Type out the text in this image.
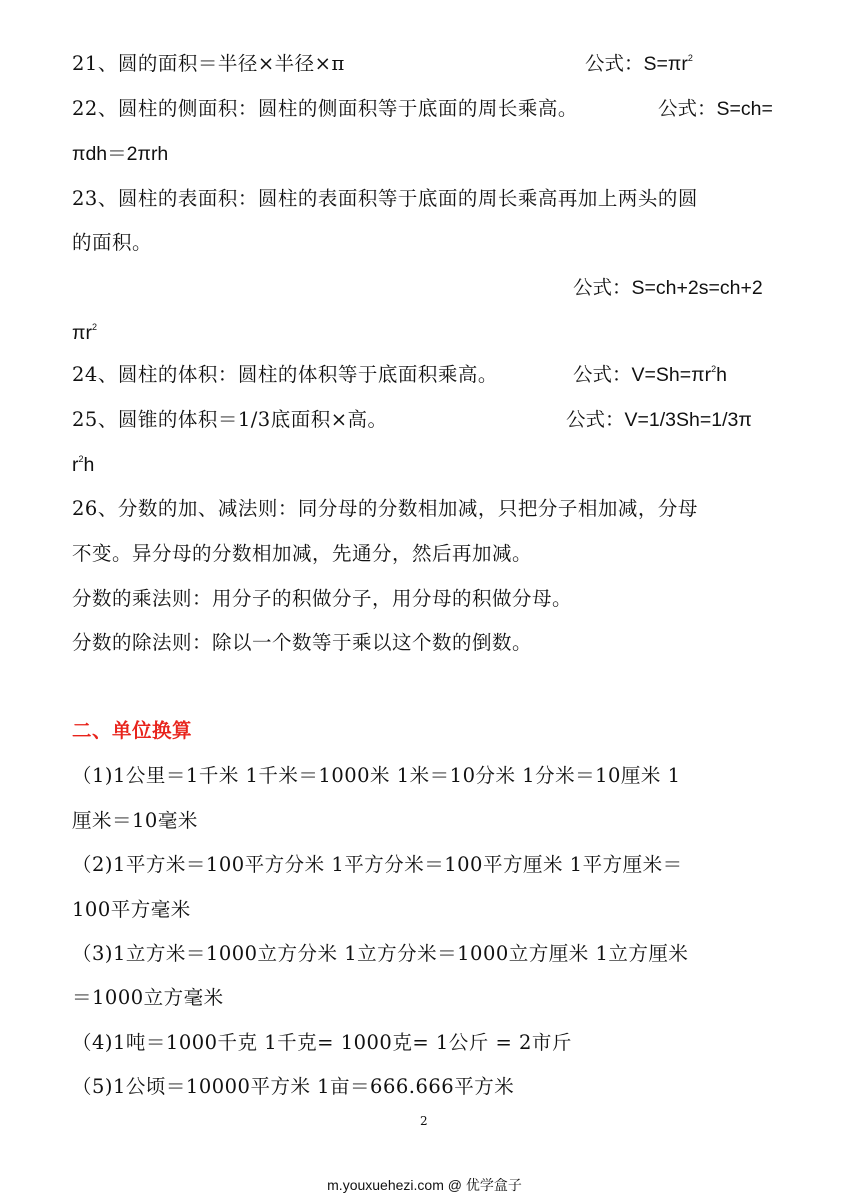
21、圆的面积＝半径×半径×π	公式：$S=\pi r^2$
22、圆柱的侧面积：圆柱的侧面积等于底面的周长乘高。	公式：S=ch=
πdh＝2πrh
23、圆柱的表面积：圆柱的表面积等于底面的周长乘高再加上两头的圆
的面积。
公式：S=ch+2s=ch+2
$\pi r^2$
24、圆柱的体积：圆柱的体积等于底面积乘高。	公式：$V=Sh=\pi r^2h$
25、圆锥的体积＝1/3底面积×高。	公式：V=1/3Sh=1/3π
$r^2h$
26、分数的加、减法则：同分母的分数相加减，只把分子相加减，分母
不变。异分母的分数相加减，先通分，然后再加减。
分数的乘法则：用分子的积做分子，用分母的积做分母。
分数的除法则：除以一个数等于乘以这个数的倒数。
二、单位换算
（1)1公里＝1千米 1千米＝1000米 1米＝10分米 1分米＝10厘米 1
厘米＝10毫米
（2)1平方米＝100平方分米 1平方分米＝100平方厘米 1平方厘米＝
100平方毫米
（3)1立方米＝1000立方分米 1立方分米＝1000立方厘米 1立方厘米
＝1000立方毫米
（4)1吨＝1000千克 1千克= 1000克= 1公斤 = 2市斤
（5)1公顷＝10000平方米 1亩＝666.666平方米
2
m.youxuehezi.com @ 优学盒子
